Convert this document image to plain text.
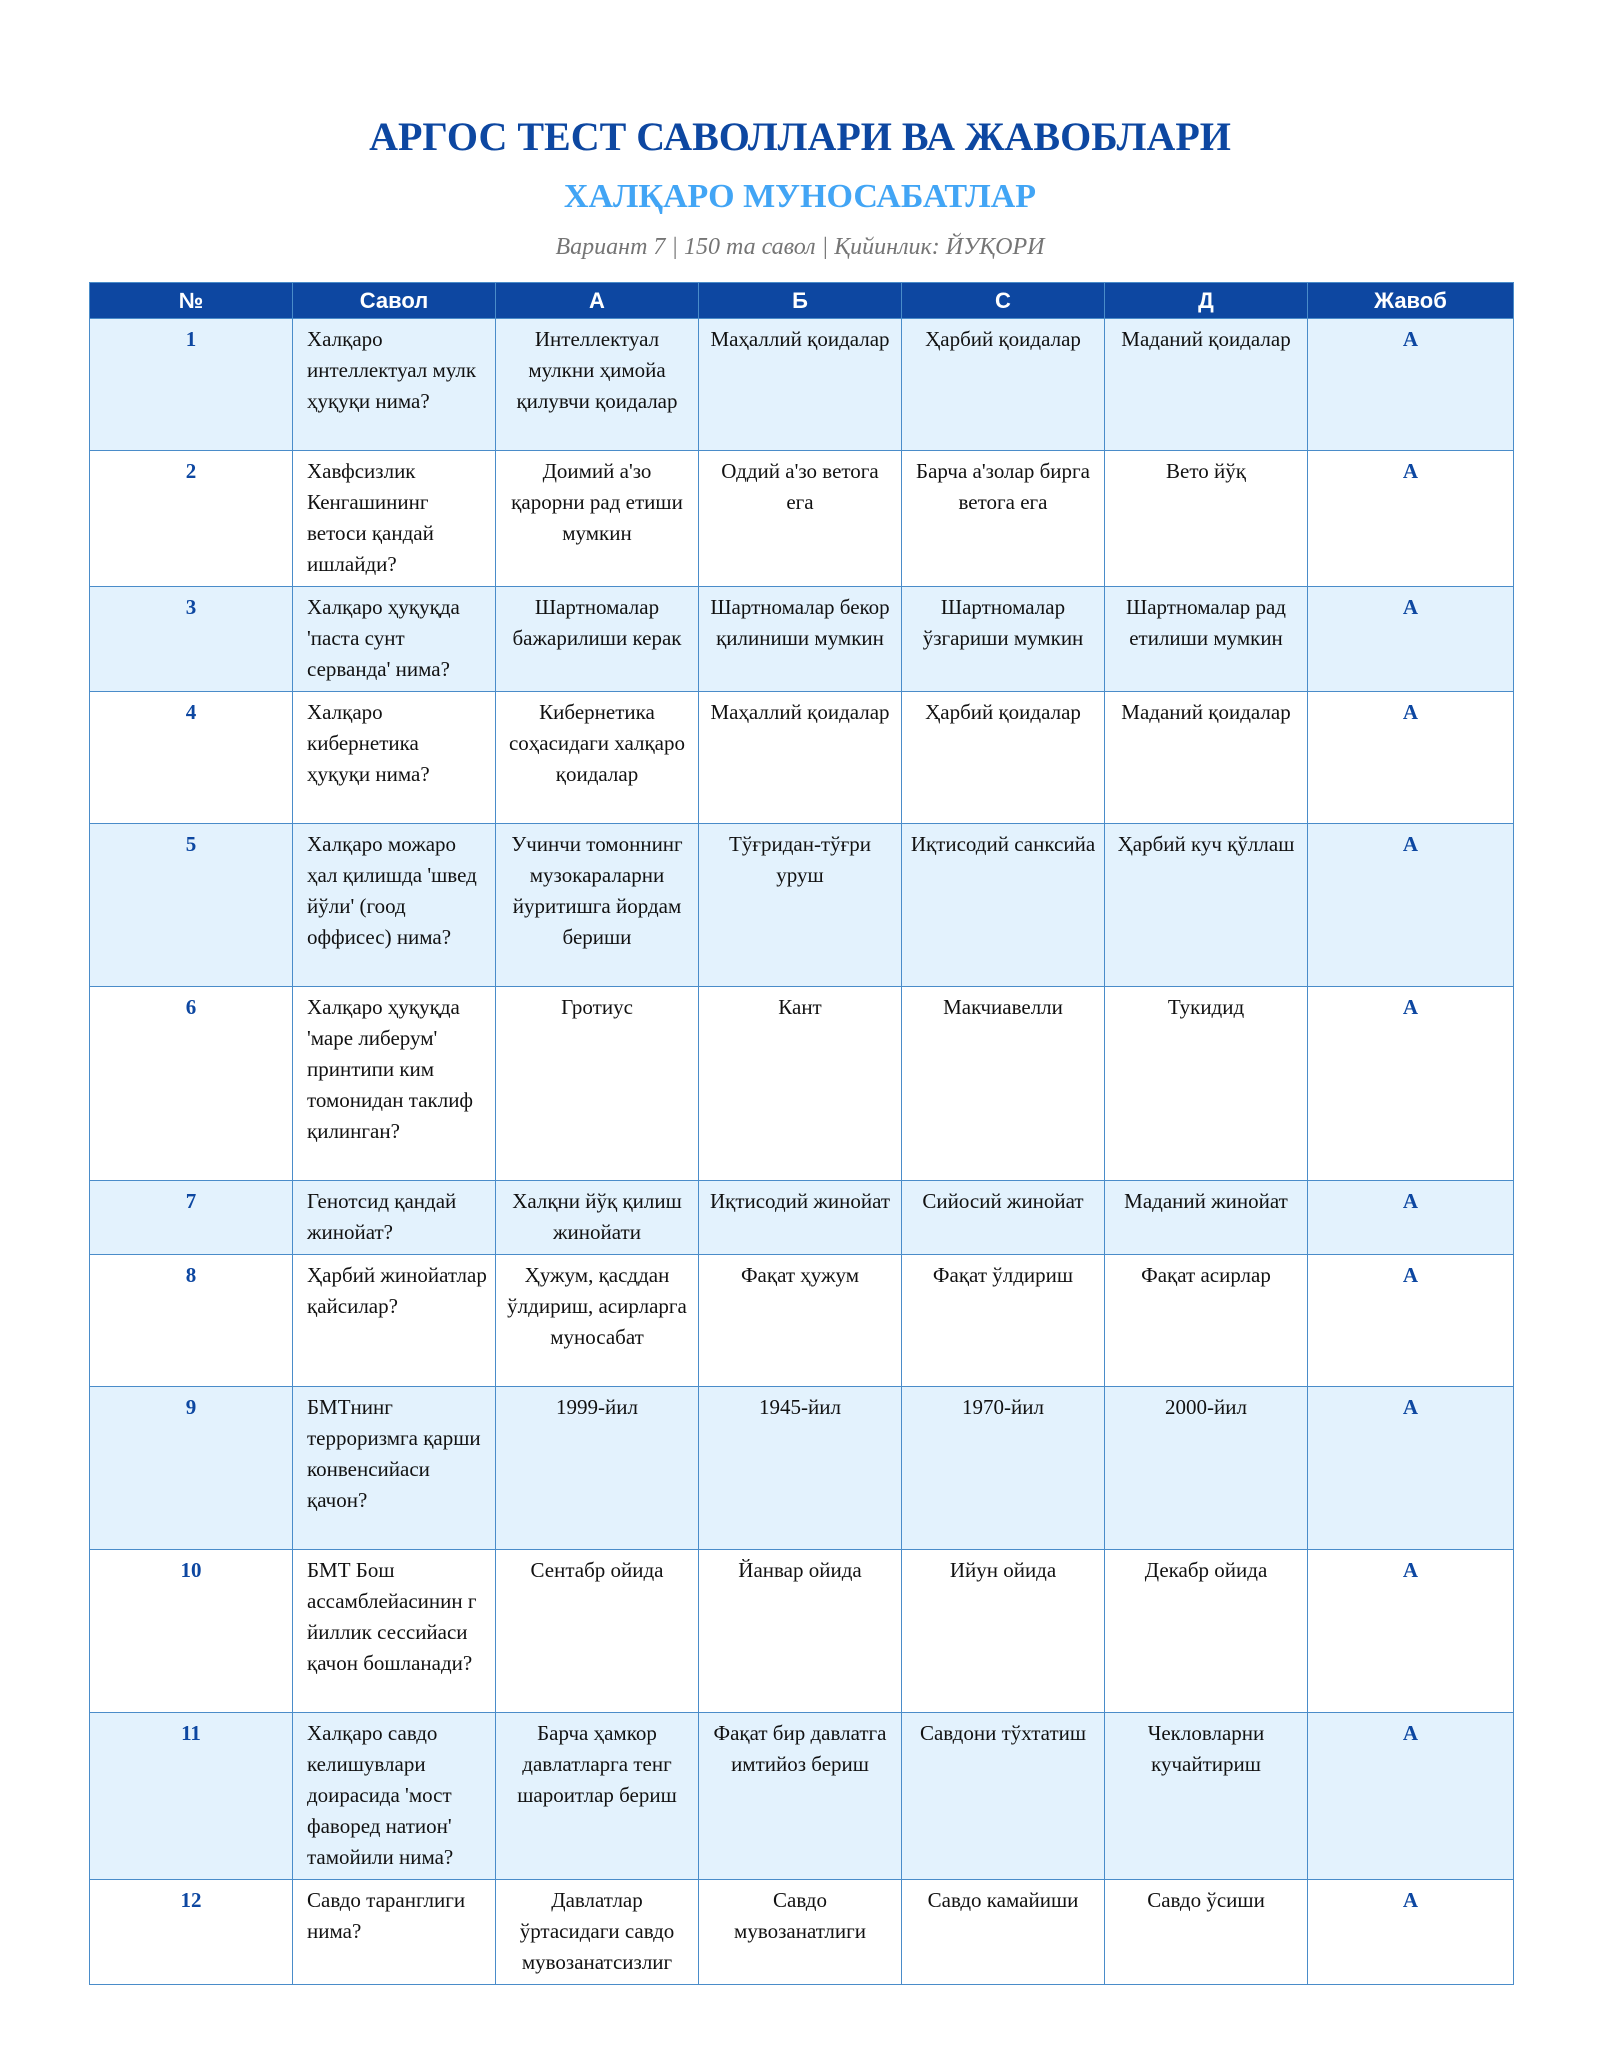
АРГОС ТЕСТ САВОЛЛАРИ ВА ЖАВОБЛАРИ
ХАЛҚАРО МУНОСАБАТЛАР
Вариант 7 | 150 та савол | Қийинлик: ЙУҚОРИ
№	Савол	А	Б	С	Д	Жавоб
1	Халқаро интеллектуал мулк ҳуқуқи нима?	Интеллектуал мулкни ҳимойа қилувчи қоидалар	Маҳаллий қоидалар	Ҳарбий қоидалар	Маданий қоидалар	А
2	Хавфсизлик Кенгашининг ветоси қандай ишлайди?	Доимий а'зо қарорни рад етиши мумкин	Оддий а'зо ветога ега	Барча а'золар бирга ветога ега	Вето йўқ	А
3	Халқаро ҳуқуқда 'паста сунт серванда' нима?	Шартномалар бажарилиши керак	Шартномалар бекор қилиниши мумкин	Шартномалар ўзгариши мумкин	Шартномалар рад етилиши мумкин	А
4	Халқаро кибернетика ҳуқуқи нима?	Кибернетика соҳасидаги халқаро қоидалар	Маҳаллий қоидалар	Ҳарбий қоидалар	Маданий қоидалар	А
5	Халқаро можаро ҳал қилишда 'швед йўли' (гоод оффисес) нима?	Учинчи томоннинг музокараларни йуритишга йордам бериши	Тўғридан-тўғри уруш	Иқтисодий санксийа	Ҳарбий куч қўллаш	А
6	Халқаро ҳуқуқда 'маре либерум' принтипи ким томонидан таклиф қилинган?	Гротиус	Кант	Макчиавелли	Тукидид	А
7	Генотсид қандай жинойат?	Халқни йўқ қилиш жинойати	Иқтисодий жинойат	Сийосий жинойат	Маданий жинойат	А
8	Ҳарбий жинойатлар қайсилар?	Ҳужум, қасддан ўлдириш, асирларга муносабат	Фақат ҳужум	Фақат ўлдириш	Фақат асирлар	А
9	БМТнинг терроризмга қарши конвенсийаси қачон?	1999-йил	1945-йил	1970-йил	2000-йил	А
10	БМТ Бош ассамблейасинин г йиллик сессийаси қачон бошланади?	Сентабр ойида	Йанвар ойида	Ийун ойида	Декабр ойида	А
11	Халқаро савдо келишувлари доирасида 'мост фаворед натион' тамойили нима?	Барча ҳамкор давлатларга тенг шароитлар бериш	Фақат бир давлатга имтийоз бериш	Савдони тўхтатиш	Чекловларни кучайтириш	А
12	Савдо таранглиги нима?	Давлатлар ўртасидаги савдо мувозанатсизлиг	Савдо мувозанатлиги	Савдо камайиши	Савдо ўсиши	А
